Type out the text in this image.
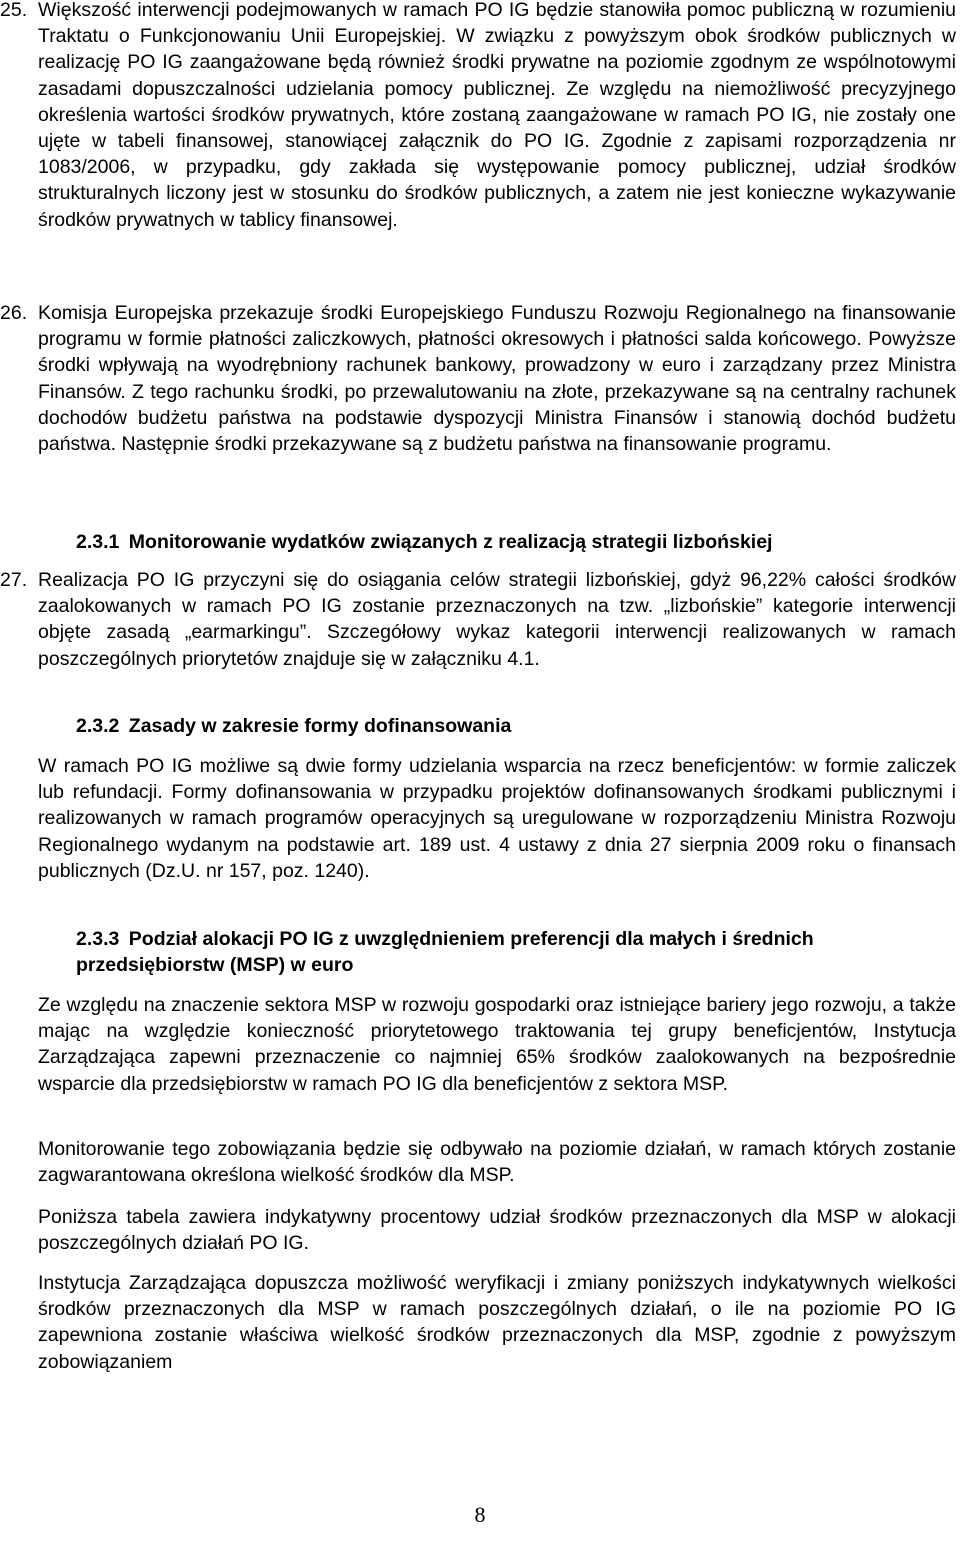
25. Większość interwencji podejmowanych w ramach PO IG będzie stanowiła pomoc publiczną w rozumieniu Traktatu o Funkcjonowaniu Unii Europejskiej. W związku z powyższym obok środków publicznych w realizację PO IG zaangażowane będą również środki prywatne na poziomie zgodnym ze wspólnotowymi zasadami dopuszczalności udzielania pomocy publicznej. Ze względu na niemożliwość precyzyjnego określenia wartości środków prywatnych, które zostaną zaangażowane w ramach PO IG, nie zostały one ujęte w tabeli finansowej, stanowiącej załącznik do PO IG. Zgodnie z zapisami rozporządzenia nr 1083/2006, w przypadku, gdy zakłada się występowanie pomocy publicznej, udział środków strukturalnych liczony jest w stosunku do środków publicznych, a zatem nie jest konieczne wykazywanie środków prywatnych w tablicy finansowej.

26. Komisja Europejska przekazuje środki Europejskiego Funduszu Rozwoju Regionalnego na finansowanie programu w formie płatności zaliczkowych, płatności okresowych i płatności salda końcowego. Powyższe środki wpływają na wyodrębniony rachunek bankowy, prowadzony w euro i zarządzany przez Ministra Finansów. Z tego rachunku środki, po przewalutowaniu na złote, przekazywane są na centralny rachunek dochodów budżetu państwa na podstawie dyspozycji Ministra Finansów i stanowią dochód budżetu państwa. Następnie środki przekazywane są z budżetu państwa na finansowanie programu.

2.3.1 Monitorowanie wydatków związanych z realizacją strategii lizbońskiej

27. Realizacja PO IG przyczyni się do osiągania celów strategii lizbońskiej, gdyż 96,22% całości środków zaalokowanych w ramach PO IG zostanie przeznaczonych na tzw. „lizbońskie” kategorie interwencji objęte zasadą „earmarkingu”. Szczegółowy wykaz kategorii interwencji realizowanych w ramach poszczególnych priorytetów znajduje się w załączniku 4.1.

2.3.2 Zasady w zakresie formy dofinansowania

W ramach PO IG możliwe są dwie formy udzielania wsparcia na rzecz beneficjentów: w formie zaliczek lub refundacji. Formy dofinansowania w przypadku projektów dofinansowanych środkami publicznymi i realizowanych w ramach programów operacyjnych są uregulowane w rozporządzeniu Ministra Rozwoju Regionalnego wydanym na podstawie art. 189 ust. 4 ustawy z dnia 27 sierpnia 2009 roku o finansach publicznych (Dz.U. nr 157, poz. 1240).

2.3.3 Podział alokacji PO IG z uwzględnieniem preferencji dla małych i średnich przedsiębiorstw (MSP) w euro

Ze względu na znaczenie sektora MSP w rozwoju gospodarki oraz istniejące bariery jego rozwoju, a także mając na względzie konieczność priorytetowego traktowania tej grupy beneficjentów, Instytucja Zarządzająca zapewni przeznaczenie co najmniej 65% środków zaalokowanych na bezpośrednie wsparcie dla przedsiębiorstw w ramach PO IG dla beneficjentów z sektora MSP.

Monitorowanie tego zobowiązania będzie się odbywało na poziomie działań, w ramach których zostanie zagwarantowana określona wielkość środków dla MSP.

Poniższa tabela zawiera indykatywny procentowy udział środków przeznaczonych dla MSP w alokacji poszczególnych działań PO IG.

Instytucja Zarządzająca dopuszcza możliwość weryfikacji i zmiany poniższych indykatywnych wielkości środków przeznaczonych dla MSP w ramach poszczególnych działań, o ile na poziomie PO IG zapewniona zostanie właściwa wielkość środków przeznaczonych dla MSP, zgodnie z powyższym zobowiązaniem

8
